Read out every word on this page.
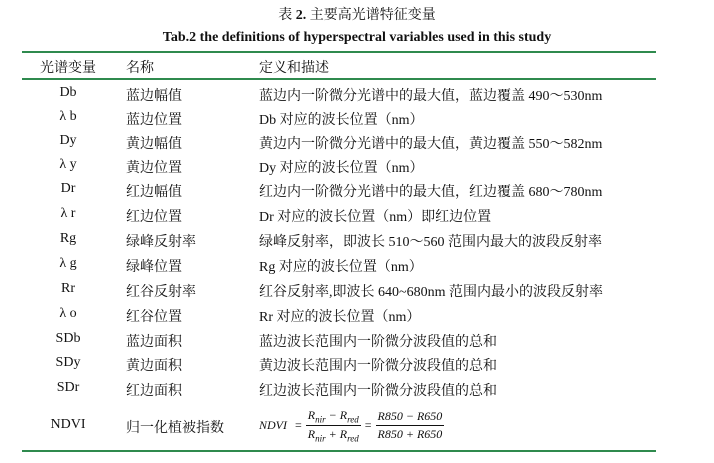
表 2. 主要高光谱特征变量
Tab.2 the definitions of hyperspectral variables used in this study
光谱变量	名称	定义和描述
Db	蓝边幅值	蓝边内一阶微分光谱中的最大值，蓝边覆盖 490～530nm
λ b	蓝边位置	Db 对应的波长位置（nm）
Dy	黄边幅值	黄边内一阶微分光谱中的最大值，黄边覆盖 550～582nm
λ y	黄边位置	Dy 对应的波长位置（nm）
Dr	红边幅值	红边内一阶微分光谱中的最大值，红边覆盖 680～780nm
λ r	红边位置	Dr 对应的波长位置（nm）即红边位置
Rg	绿峰反射率	绿峰反射率，即波长 510～560 范围内最大的波段反射率
λ g	绿峰位置	Rg 对应的波长位置（nm）
Rr	红谷反射率	红谷反射率,即波长 640~680nm 范围内最小的波段反射率
λ o	红谷位置	Rr 对应的波长位置（nm）
SDb	蓝边面积	蓝边波长范围内一阶微分波段值的总和
SDy	黄边面积	黄边波长范围内一阶微分波段值的总和
SDr	红边面积	红边波长范围内一阶微分波段值的总和
NDVI	归一化植被指数	NDVI = $\frac{R_{nir} - R_{red}}{R_{nir} + R_{red}} = \frac{R850 - R650}{R850 + R650}$
